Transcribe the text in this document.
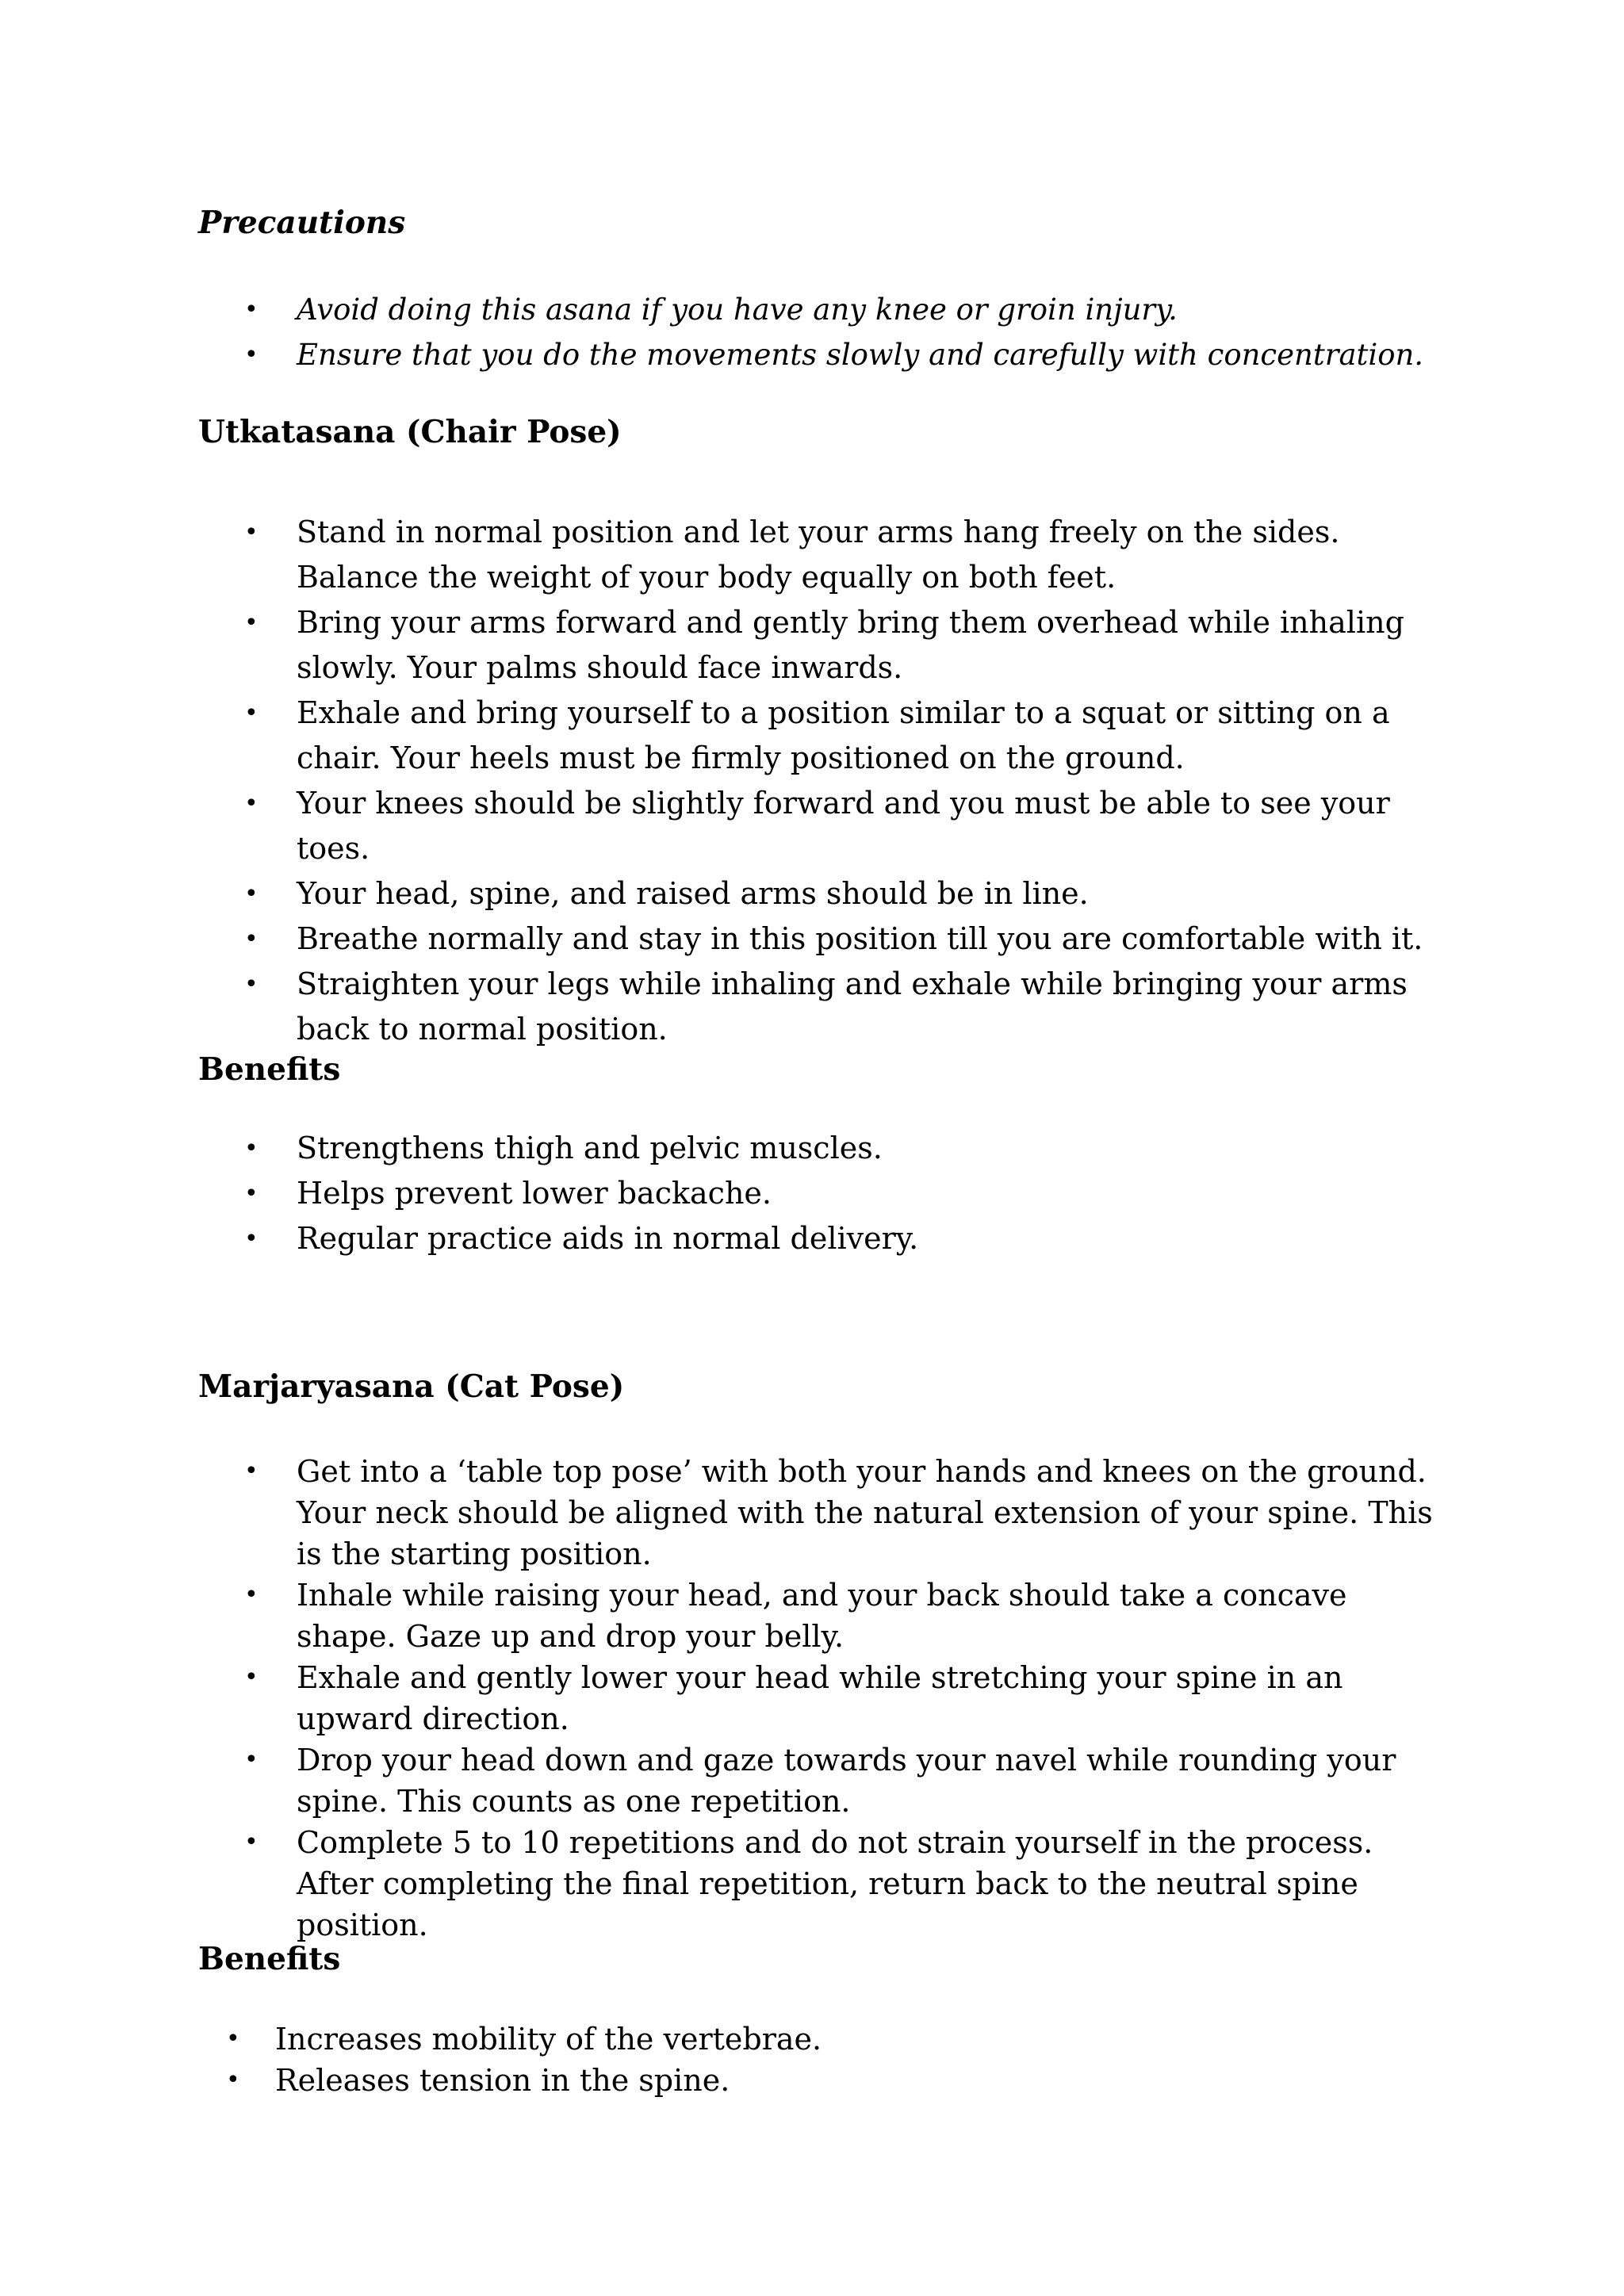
Precautions
• Avoid doing this asana if you have any knee or groin injury.
• Ensure that you do the movements slowly and carefully with concentration.
Utkatasana (Chair Pose)
• Stand in normal position and let your arms hang freely on the sides. Balance the weight of your body equally on both feet.
• Bring your arms forward and gently bring them overhead while inhaling slowly. Your palms should face inwards.
• Exhale and bring yourself to a position similar to a squat or sitting on a chair. Your heels must be firmly positioned on the ground.
• Your knees should be slightly forward and you must be able to see your toes.
• Your head, spine, and raised arms should be in line.
• Breathe normally and stay in this position till you are comfortable with it.
• Straighten your legs while inhaling and exhale while bringing your arms back to normal position.
Benefits
• Strengthens thigh and pelvic muscles.
• Helps prevent lower backache.
• Regular practice aids in normal delivery.
Marjaryasana (Cat Pose)
• Get into a ‘table top pose’ with both your hands and knees on the ground. Your neck should be aligned with the natural extension of your spine. This is the starting position.
• Inhale while raising your head, and your back should take a concave shape. Gaze up and drop your belly.
• Exhale and gently lower your head while stretching your spine in an upward direction.
• Drop your head down and gaze towards your navel while rounding your spine. This counts as one repetition.
• Complete 5 to 10 repetitions and do not strain yourself in the process. After completing the final repetition, return back to the neutral spine position.
Benefits
• Increases mobility of the vertebrae.
• Releases tension in the spine.
